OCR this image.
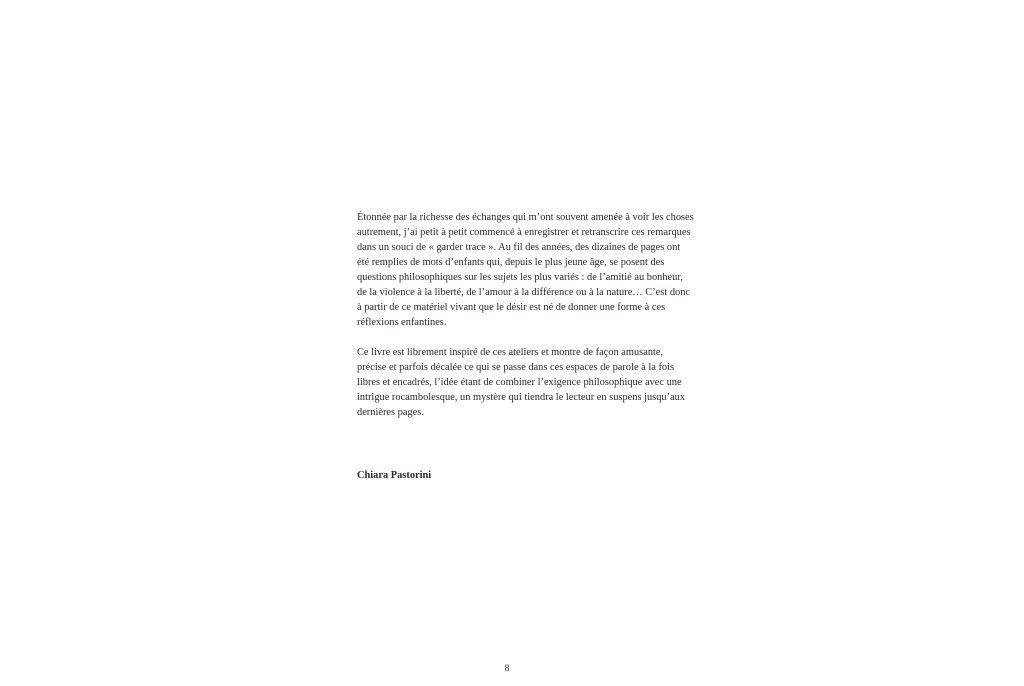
Étonnée par la richesse des échanges qui m’ont souvent amenée à voir les choses
autrement, j’ai petit à petit commencé à enregistrer et retranscrire ces remarques
dans un souci de « garder trace ». Au fil des années, des dizaines de pages ont
été remplies de mots d’enfants qui, depuis le plus jeune âge, se posent des
questions philosophiques sur les sujets les plus variés : de l’amitié au bonheur,
de la violence à la liberté, de l’amour à la différence ou à la nature… C’est donc
à partir de ce matériel vivant que le désir est né de donner une forme à ces
réflexions enfantines.

Ce livre est librement inspiré de ces ateliers et montre de façon amusante,
précise et parfois décalée ce qui se passe dans ces espaces de parole à la fois
libres et encadrés, l’idée étant de combiner l’exigence philosophique avec une
intrigue rocambolesque, un mystère qui tiendra le lecteur en suspens jusqu’aux
dernières pages.

Chiara Pastorini
8
